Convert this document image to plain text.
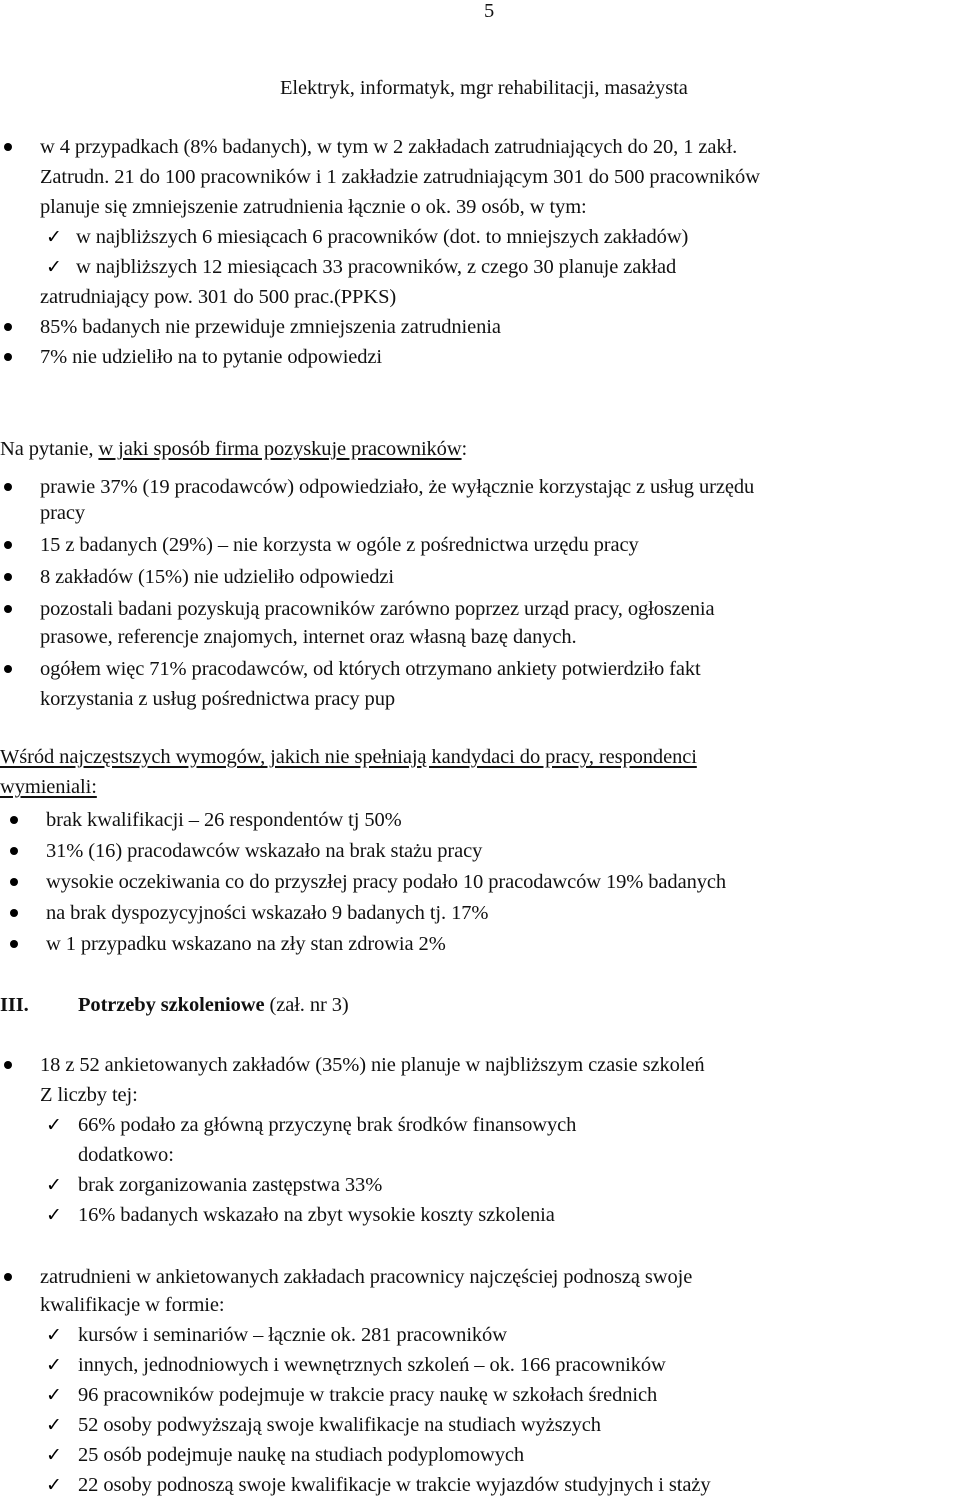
5
Elektryk, informatyk, mgr rehabilitacji, masażysta
w 4 przypadkach (8% badanych), w tym w 2 zakładach zatrudniających do 20, 1 zakł.
Zatrudn. 21 do 100 pracowników i 1 zakładzie zatrudniającym 301 do 500 pracowników
planuje się zmniejszenie zatrudnienia łącznie o ok. 39 osób, w tym:
✓ w najbliższych 6 miesiącach 6 pracowników (dot. to mniejszych zakładów)
✓ w najbliższych 12 miesiącach 33 pracowników, z czego 30 planuje zakład
zatrudniający pow. 301 do 500 prac.(PPKS)
85% badanych nie przewiduje zmniejszenia zatrudnienia
7% nie udzieliło na to pytanie odpowiedzi
Na pytanie, w jaki sposób firma pozyskuje pracowników:
prawie 37% (19 pracodawców) odpowiedziało, że wyłącznie korzystając z usług urzędu
pracy
15 z badanych (29%) – nie korzysta w ogóle z pośrednictwa urzędu pracy
8 zakładów (15%) nie udzieliło odpowiedzi
pozostali badani pozyskują pracowników zarówno poprzez urząd pracy, ogłoszenia
prasowe, referencje znajomych, internet oraz własną bazę danych.
ogółem więc 71% pracodawców, od których otrzymano ankiety potwierdziło fakt
korzystania z usług pośrednictwa pracy pup
Wśród najczęstszych wymogów, jakich nie spełniają kandydaci do pracy, respondenci
wymieniali:
brak kwalifikacji – 26 respondentów tj 50%
31% (16) pracodawców wskazało na brak stażu pracy
wysokie oczekiwania co do przyszłej pracy podało 10 pracodawców 19% badanych
na brak dyspozycyjności wskazało 9 badanych tj. 17%
w 1 przypadku wskazano na zły stan zdrowia 2%
III. Potrzeby szkoleniowe (zał. nr 3)
18 z 52 ankietowanych zakładów (35%) nie planuje w najbliższym czasie szkoleń
Z liczby tej:
✓ 66% podało za główną przyczynę brak środków finansowych
dodatkowo:
✓ brak zorganizowania zastępstwa 33%
✓ 16% badanych wskazało na zbyt wysokie koszty szkolenia
zatrudnieni w ankietowanych zakładach pracownicy najczęściej podnoszą swoje
kwalifikacje w formie:
✓ kursów i seminariów – łącznie ok. 281 pracowników
✓ innych, jednodniowych i wewnętrznych szkoleń – ok. 166 pracowników
✓ 96 pracowników podejmuje w trakcie pracy naukę w szkołach średnich
✓ 52 osoby podwyższają swoje kwalifikacje na studiach wyższych
✓ 25 osób podejmuje naukę na studiach podyplomowych
✓ 22 osoby podnoszą swoje kwalifikacje w trakcie wyjazdów studyjnych i staży
